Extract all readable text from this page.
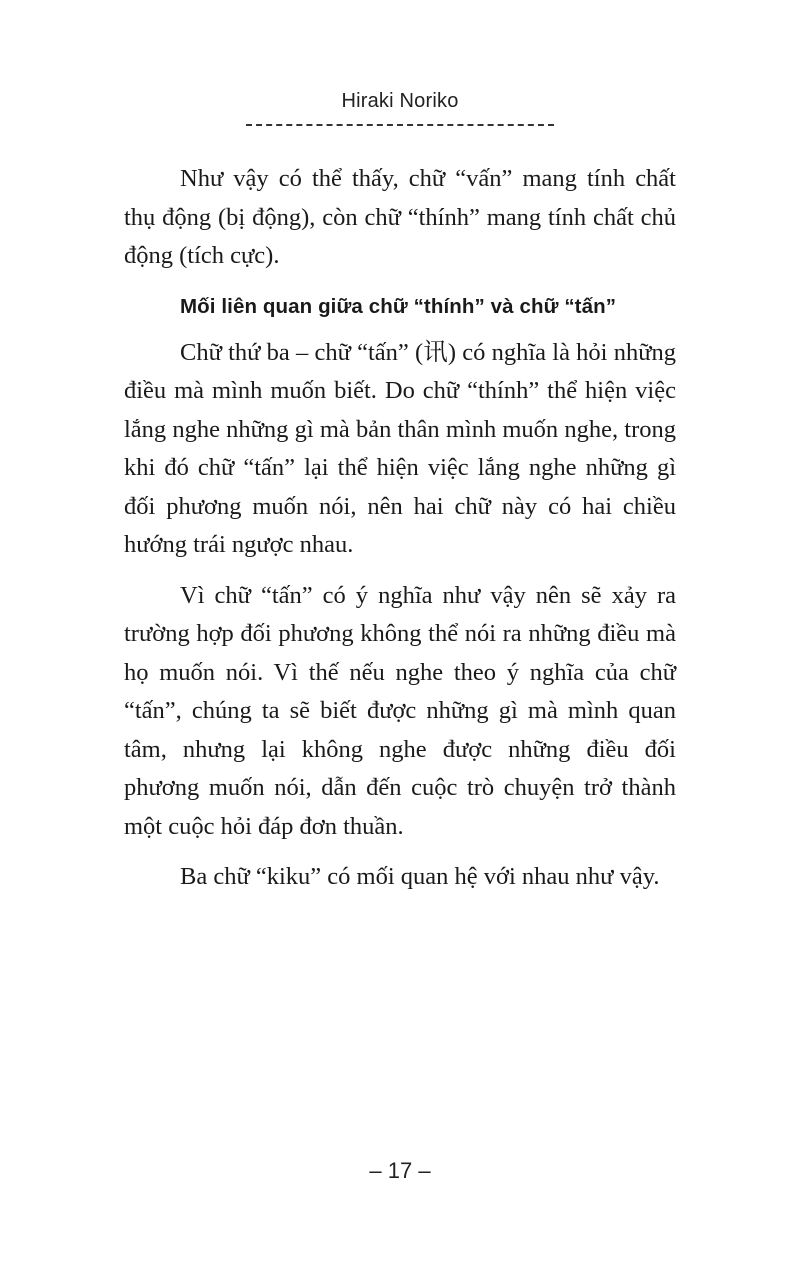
Hiraki Noriko

Như vậy có thể thấy, chữ “vấn” mang tính chất thụ động (bị động), còn chữ “thính” mang tính chất chủ động (tích cực).

Mối liên quan giữa chữ “thính” và chữ “tấn”

Chữ thứ ba – chữ “tấn” (讯) có nghĩa là hỏi những điều mà mình muốn biết. Do chữ “thính” thể hiện việc lắng nghe những gì mà bản thân mình muốn nghe, trong khi đó chữ “tấn” lại thể hiện việc lắng nghe những gì đối phương muốn nói, nên hai chữ này có hai chiều hướng trái ngược nhau.

Vì chữ “tấn” có ý nghĩa như vậy nên sẽ xảy ra trường hợp đối phương không thể nói ra những điều mà họ muốn nói. Vì thế nếu nghe theo ý nghĩa của chữ “tấn”, chúng ta sẽ biết được những gì mà mình quan tâm, nhưng lại không nghe được những điều đối phương muốn nói, dẫn đến cuộc trò chuyện trở thành một cuộc hỏi đáp đơn thuần.

Ba chữ “kiku” có mối quan hệ với nhau như vậy.

– 17 –
